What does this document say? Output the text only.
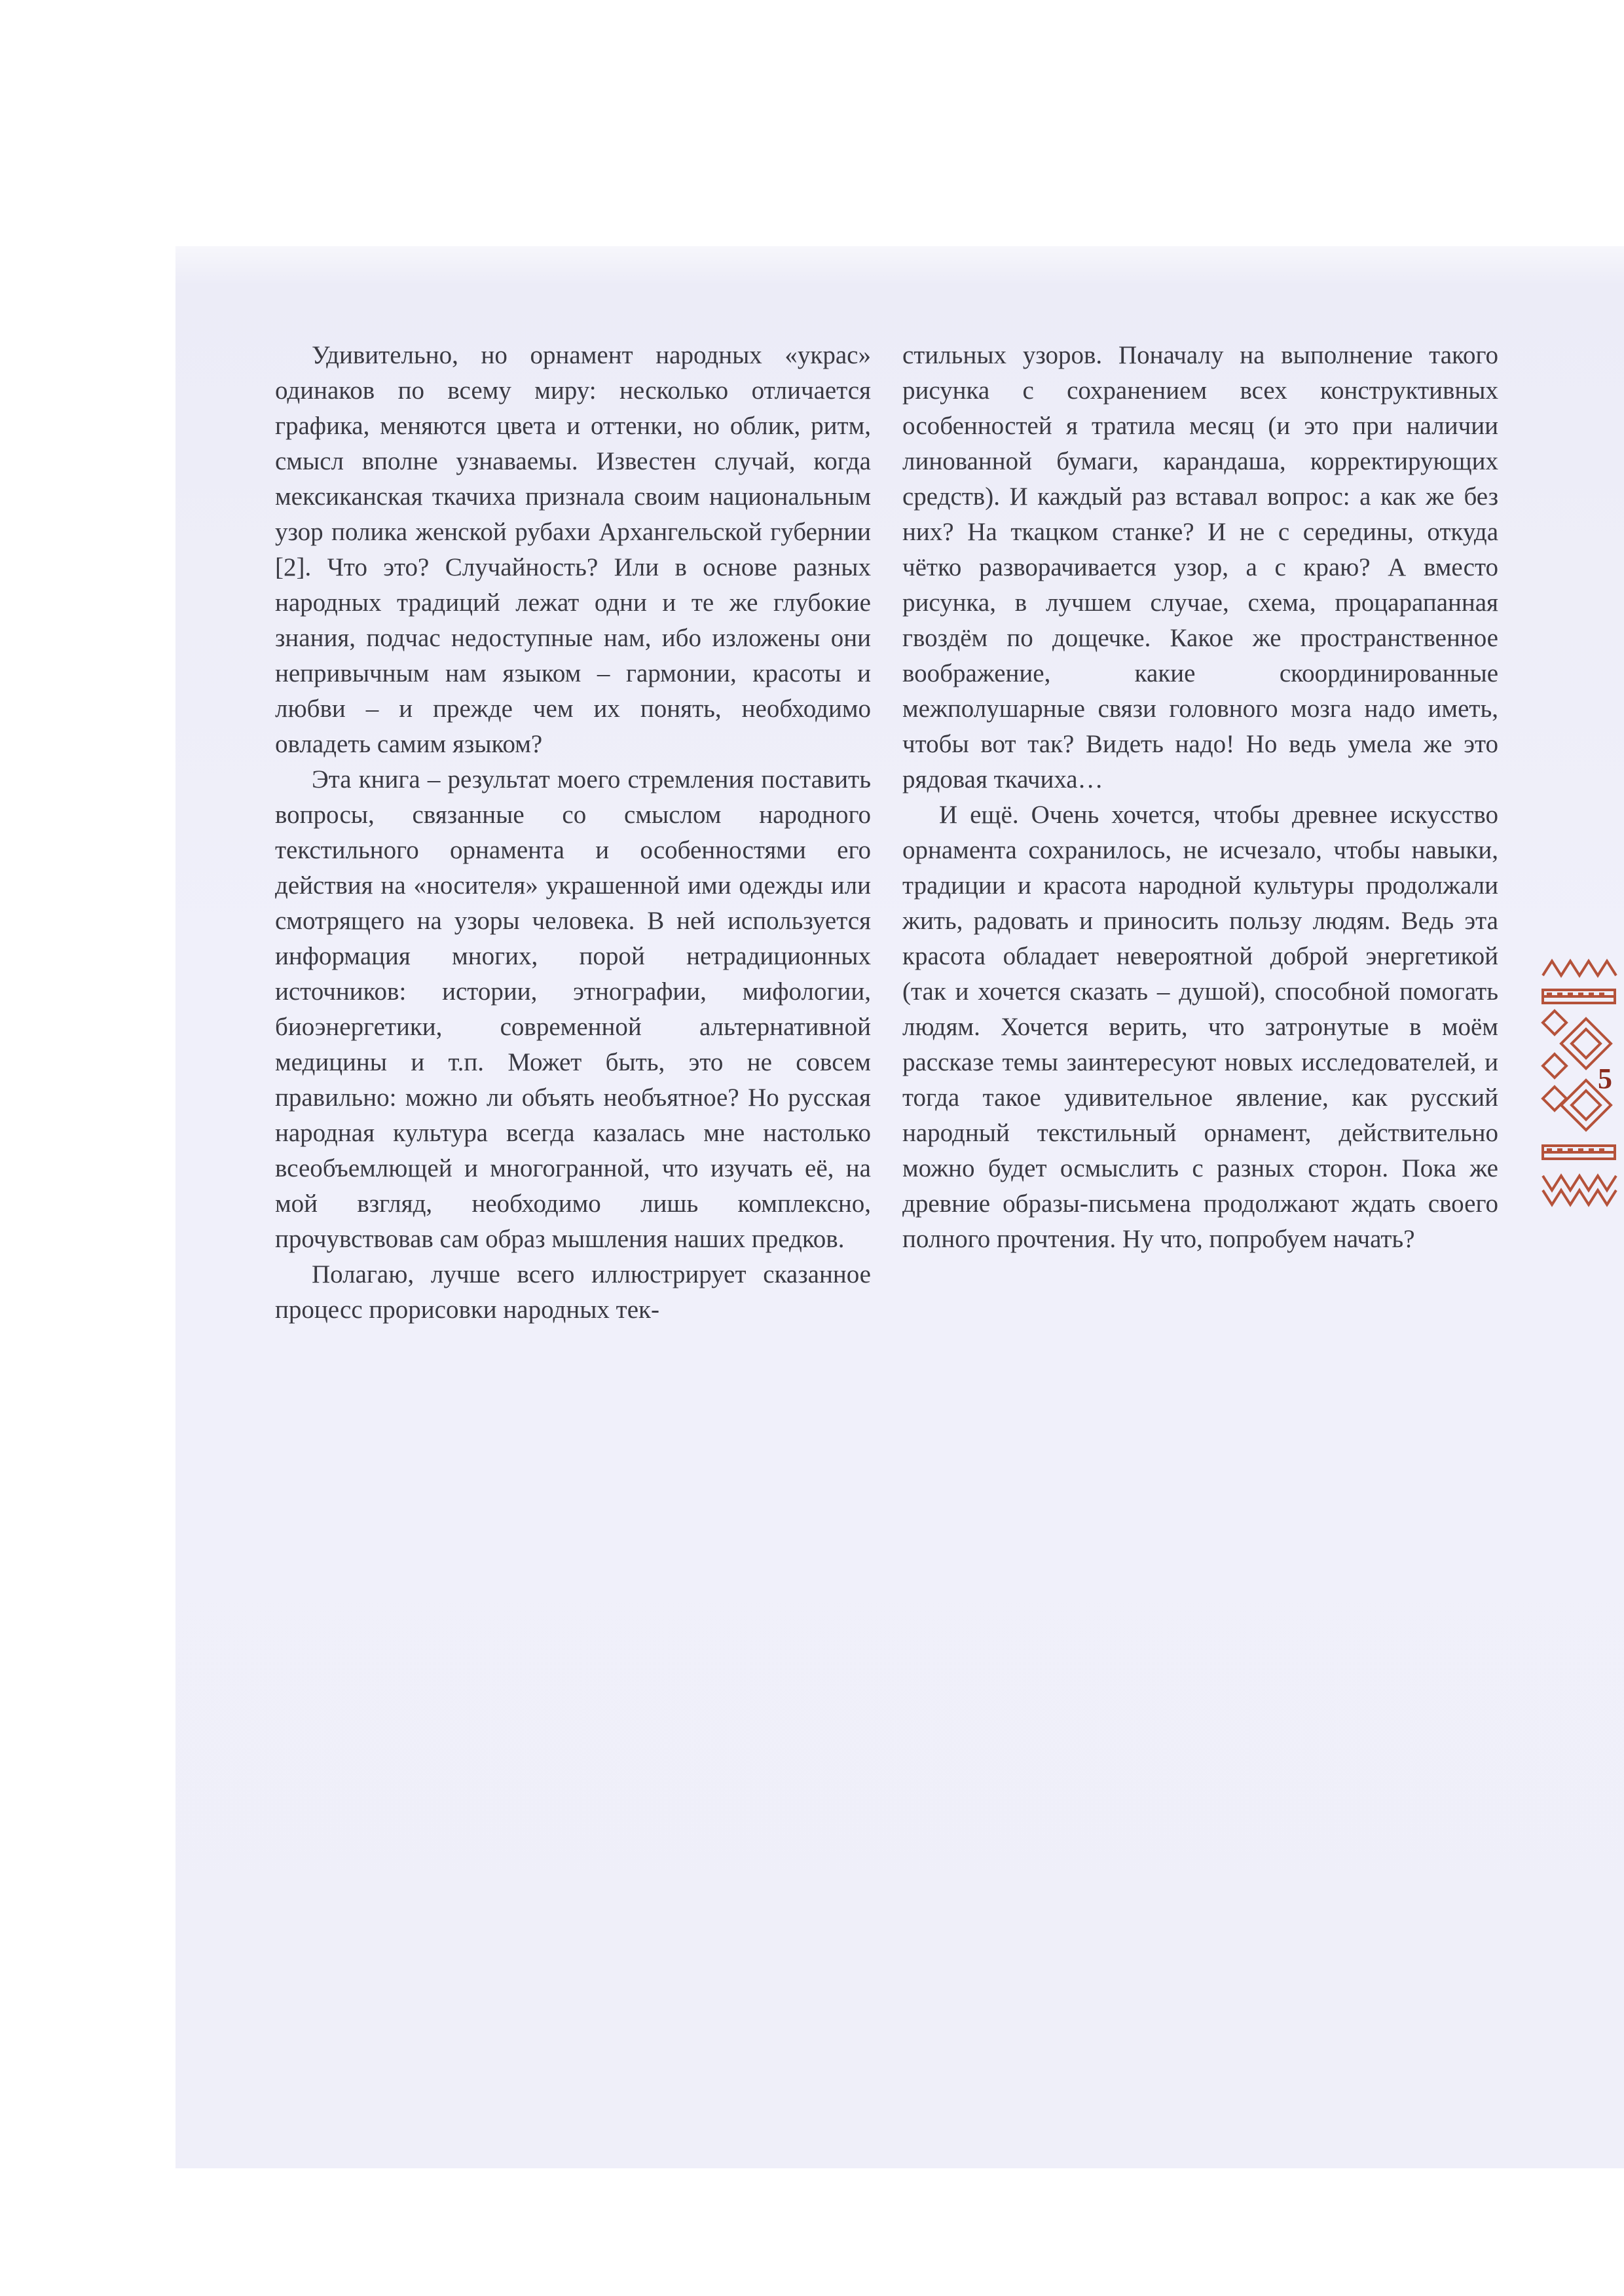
Удивительно, но орнамент народных «украс» одинаков по всему миру: несколько отличается графика, меняются цвета и оттенки, но облик, ритм, смысл вполне узнаваемы. Известен случай, когда мексиканская ткачиха признала своим национальным узор полика женской рубахи Архангельской губернии [2]. Что это? Случайность? Или в основе разных народных традиций лежат одни и те же глубокие знания, подчас недоступные нам, ибо изложены они непривычным нам языком – гармонии, красоты и любви – и прежде чем их понять, необходимо овладеть самим языком?

Эта книга – результат моего стремления поставить вопросы, связанные со смыслом народного текстильного орнамента и особенностями его действия на «носителя» украшенной ими одежды или смотрящего на узоры человека. В ней используется информация многих, порой нетрадиционных источников: истории, этнографии, мифологии, биоэнергетики, современной альтернативной медицины и т.п. Может быть, это не совсем правильно: можно ли объять необъятное? Но русская народная культура всегда казалась мне настолько всеобъемлющей и многогранной, что изучать её, на мой взгляд, необходимо лишь комплексно, прочувствовав сам образ мышления наших предков.

Полагаю, лучше всего иллюстрирует сказанное процесс прорисовки народных тек-

стильных узоров. Поначалу на выполнение такого рисунка с сохранением всех конструктивных особенностей я тратила месяц (и это при наличии линованной бумаги, карандаша, корректирующих средств). И каждый раз вставал вопрос: а как же без них? На ткацком станке? И не с середины, откуда чётко разворачивается узор, а с краю? А вместо рисунка, в лучшем случае, схема, процарапанная гвоздём по дощечке. Какое же пространственное воображение, какие скоординированные межполушарные связи головного мозга надо иметь, чтобы вот так? Видеть надо! Но ведь умела же это рядовая ткачиха…

И ещё. Очень хочется, чтобы древнее искусство орнамента сохранилось, не исчезало, чтобы навыки, традиции и красота народной культуры продолжали жить, радовать и приносить пользу людям. Ведь эта красота обладает невероятной доброй энергетикой (так и хочется сказать – душой), способной помогать людям. Хочется верить, что затронутые в моём рассказе темы заинтересуют новых исследователей, и тогда такое удивительное явление, как русский народный текстильный орнамент, действительно можно будет осмыслить с разных сторон. Пока же древние образы-письмена продолжают ждать своего полного прочтения. Ну что, попробуем начать?

5
